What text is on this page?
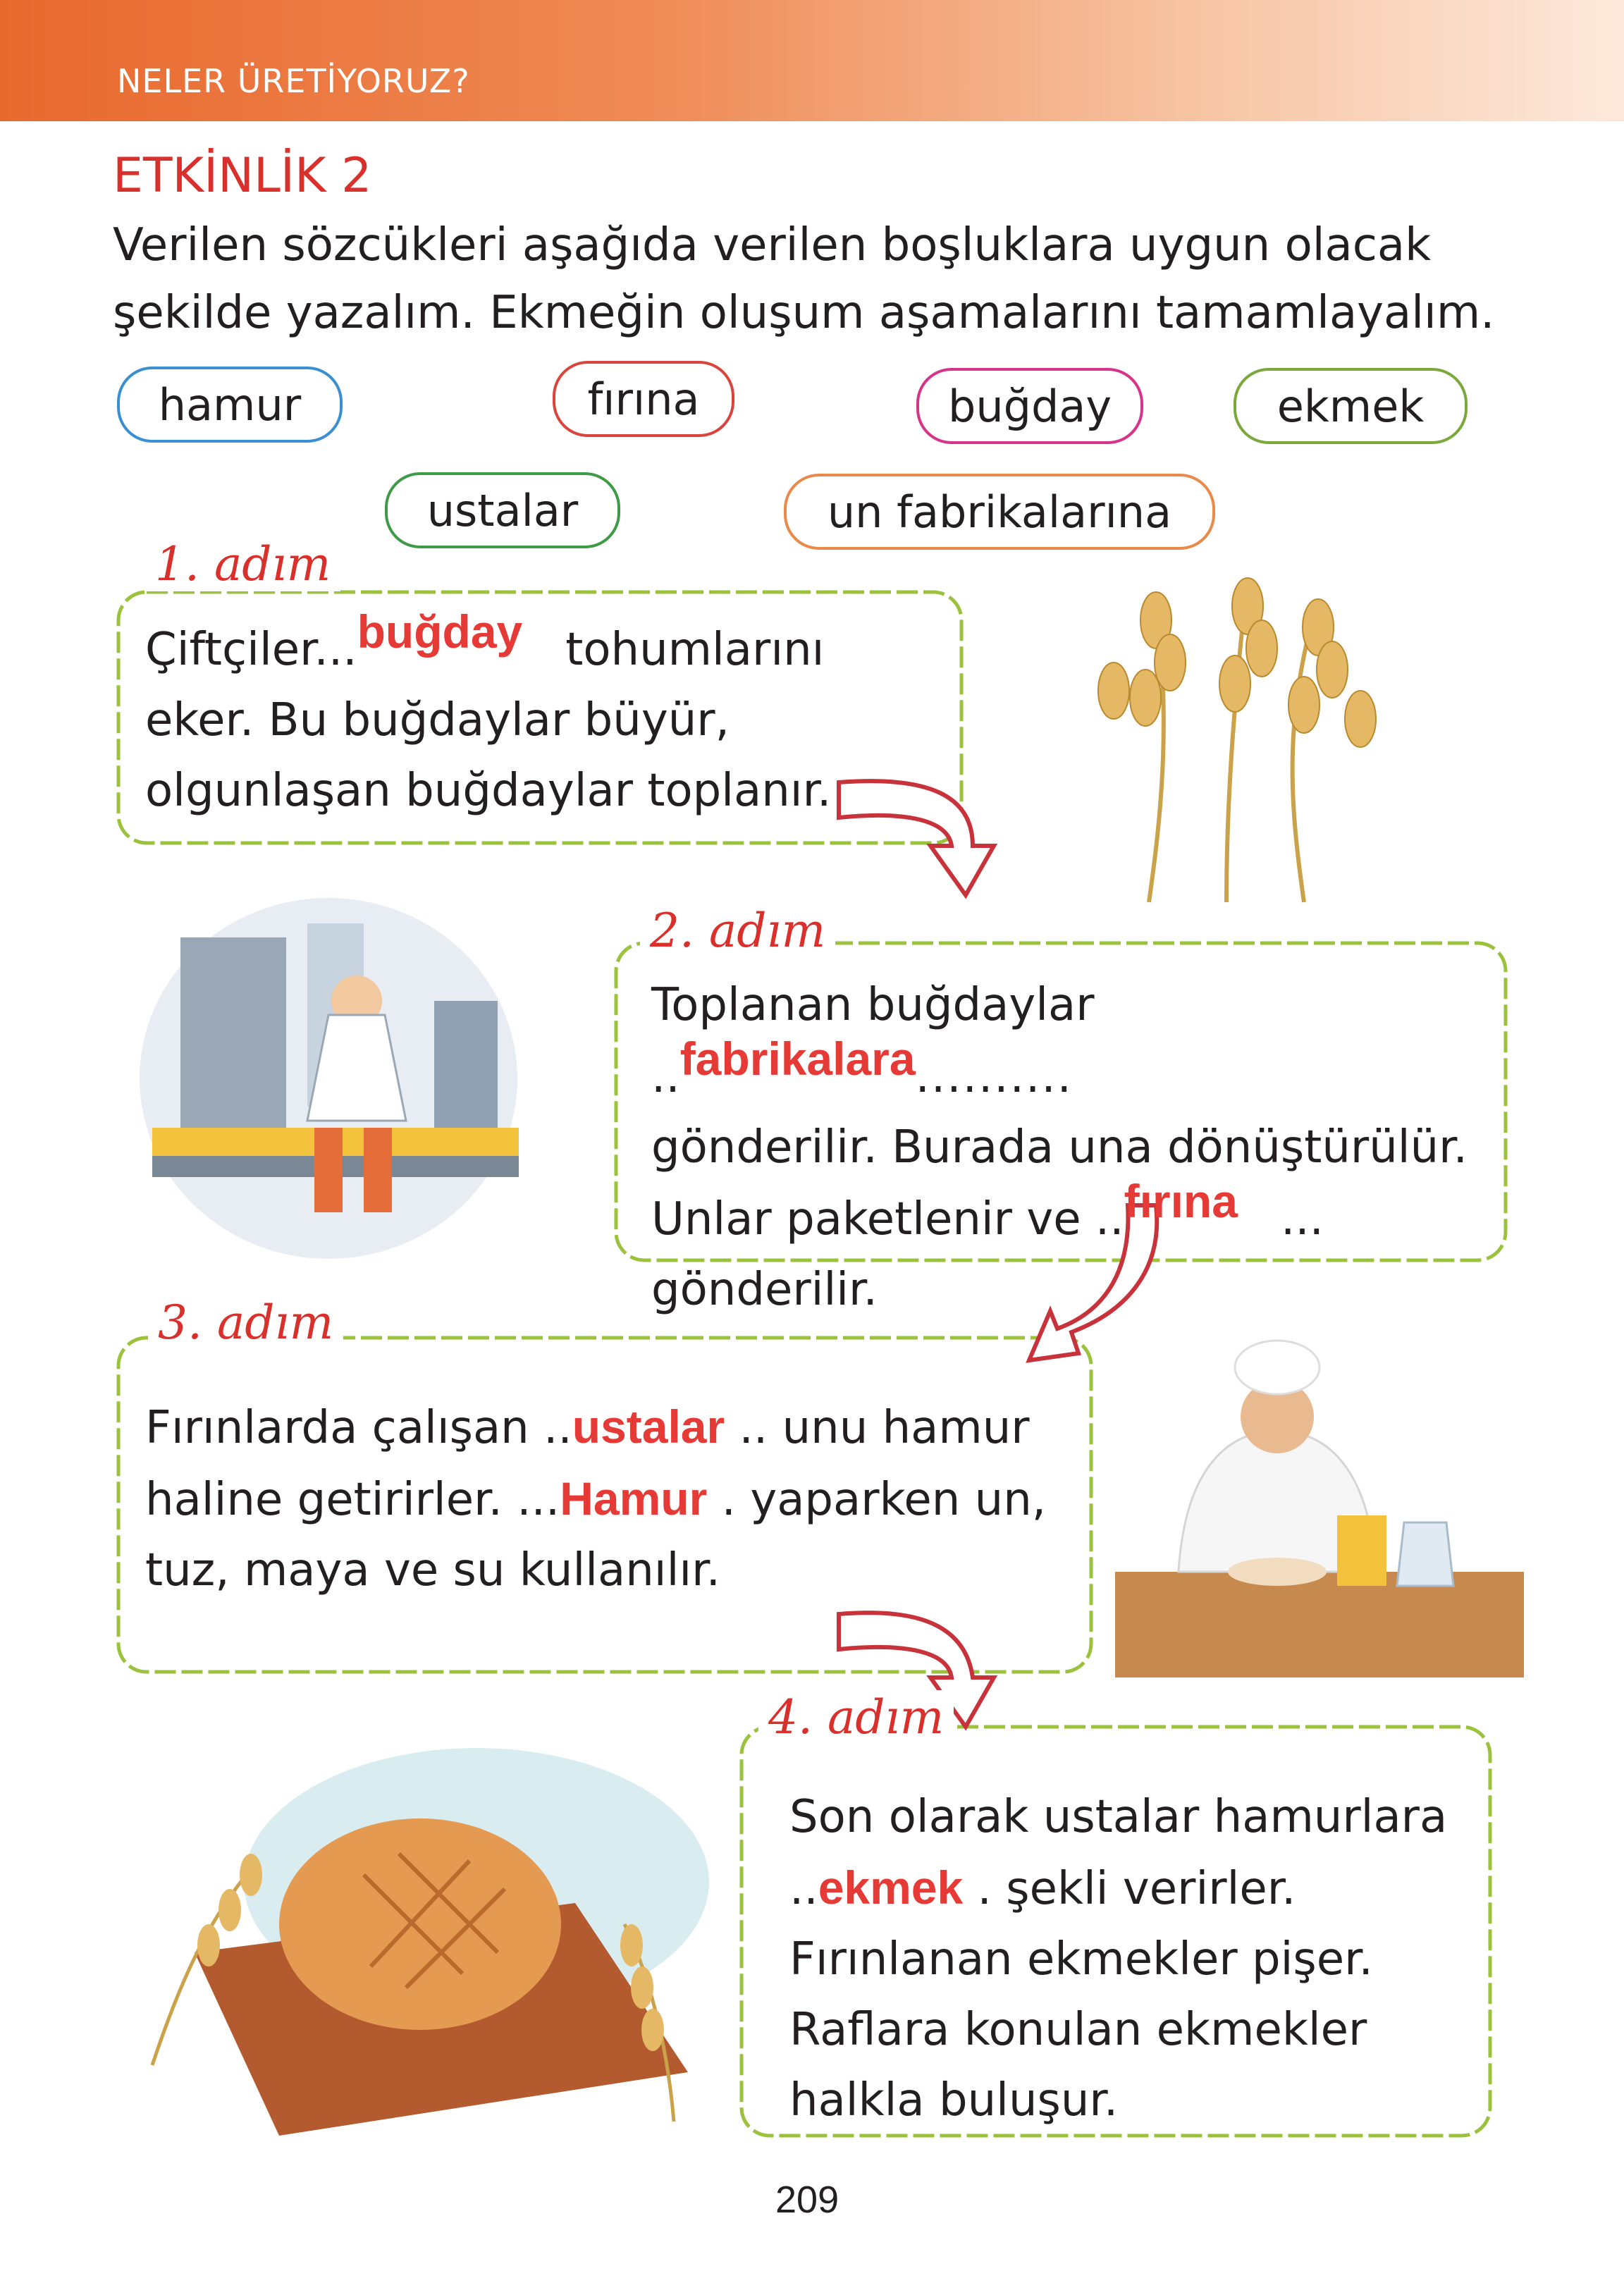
NELER ÜRETİYORUZ?
ETKİNLİK 2
Verilen sözcükleri aşağıda verilen boşluklara uygun olacak
şekilde yazalım. Ekmeğin oluşum aşamalarını tamamlayalım.
hamur	fırına	buğday	ekmek
ustalar	un fabrikalarına
1. adım
Çiftçiler...buğday tohumlarını
eker. Bu buğdaylar büyür,
olgunlaşan buğdaylar toplanır.
2. adım
Toplanan buğdaylar ..fabrikalara..........
gönderilir. Burada una dönüştürülür.
Unlar paketlenir ve ..fırına ...
gönderilir.
3. adım
Fırınlarda çalışan ..ustalar .. unu hamur
haline getirirler. ...Hamur . yaparken un,
tuz, maya ve su kullanılır.
4. adım
Son olarak ustalar hamurlara
..ekmek . şekli verirler.
Fırınlanan ekmekler pişer.
Raflara konulan ekmekler
halkla buluşur.
209
